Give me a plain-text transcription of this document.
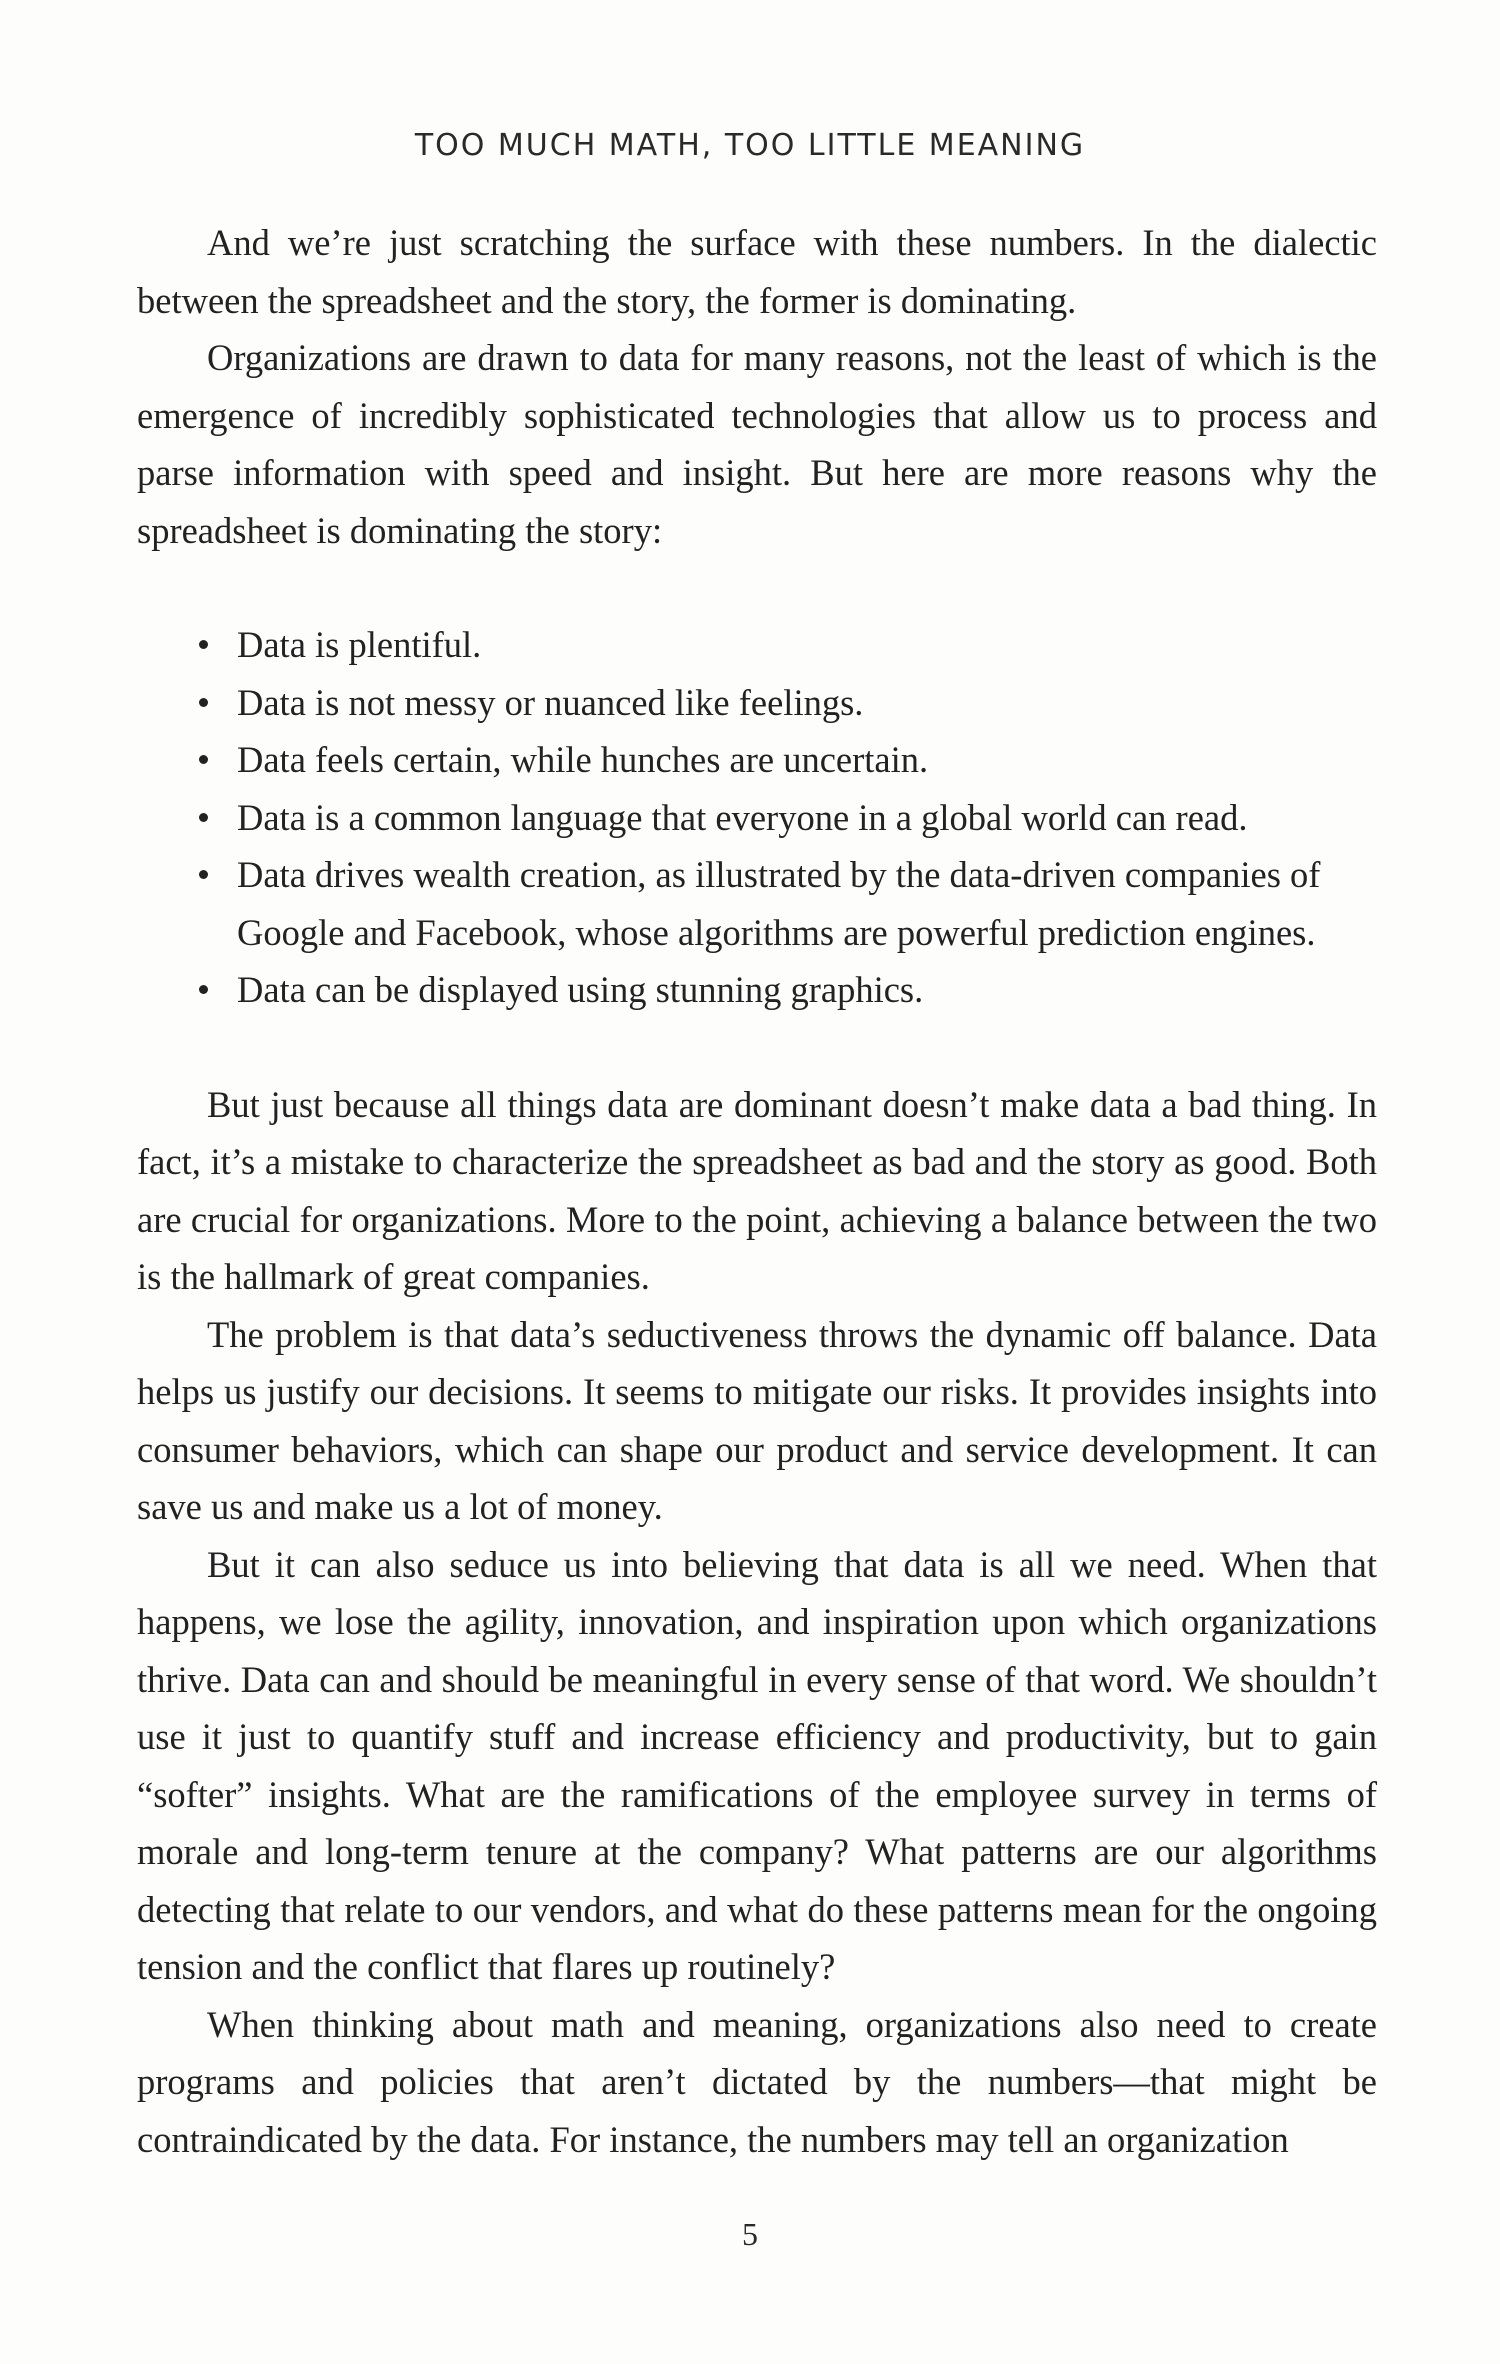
TOO MUCH MATH, TOO LITTLE MEANING

And we’re just scratching the surface with these numbers. In the dialectic between the spreadsheet and the story, the former is dominating.

Organizations are drawn to data for many reasons, not the least of which is the emergence of incredibly sophisticated technologies that allow us to process and parse information with speed and insight. But here are more reasons why the spreadsheet is dominating the story:

Data is plentiful.
Data is not messy or nuanced like feelings.
Data feels certain, while hunches are uncertain.
Data is a common language that everyone in a global world can read.
Data drives wealth creation, as illustrated by the data-driven companies of Google and Facebook, whose algorithms are powerful prediction engines.
Data can be displayed using stunning graphics.

But just because all things data are dominant doesn’t make data a bad thing. In fact, it’s a mistake to characterize the spreadsheet as bad and the story as good. Both are crucial for organizations. More to the point, achieving a balance between the two is the hallmark of great companies.

The problem is that data’s seductiveness throws the dynamic off balance. Data helps us justify our decisions. It seems to mitigate our risks. It provides insights into consumer behaviors, which can shape our product and service development. It can save us and make us a lot of money.

But it can also seduce us into believing that data is all we need. When that happens, we lose the agility, innovation, and inspiration upon which organizations thrive. Data can and should be meaningful in every sense of that word. We shouldn’t use it just to quantify stuff and increase efficiency and productivity, but to gain “softer” insights. What are the ramifications of the employee survey in terms of morale and long-term tenure at the company? What patterns are our algorithms detecting that relate to our vendors, and what do these patterns mean for the ongoing tension and the conflict that flares up routinely?

When thinking about math and meaning, organizations also need to create programs and policies that aren’t dictated by the numbers—that might be contraindicated by the data. For instance, the numbers may tell an organization

5
